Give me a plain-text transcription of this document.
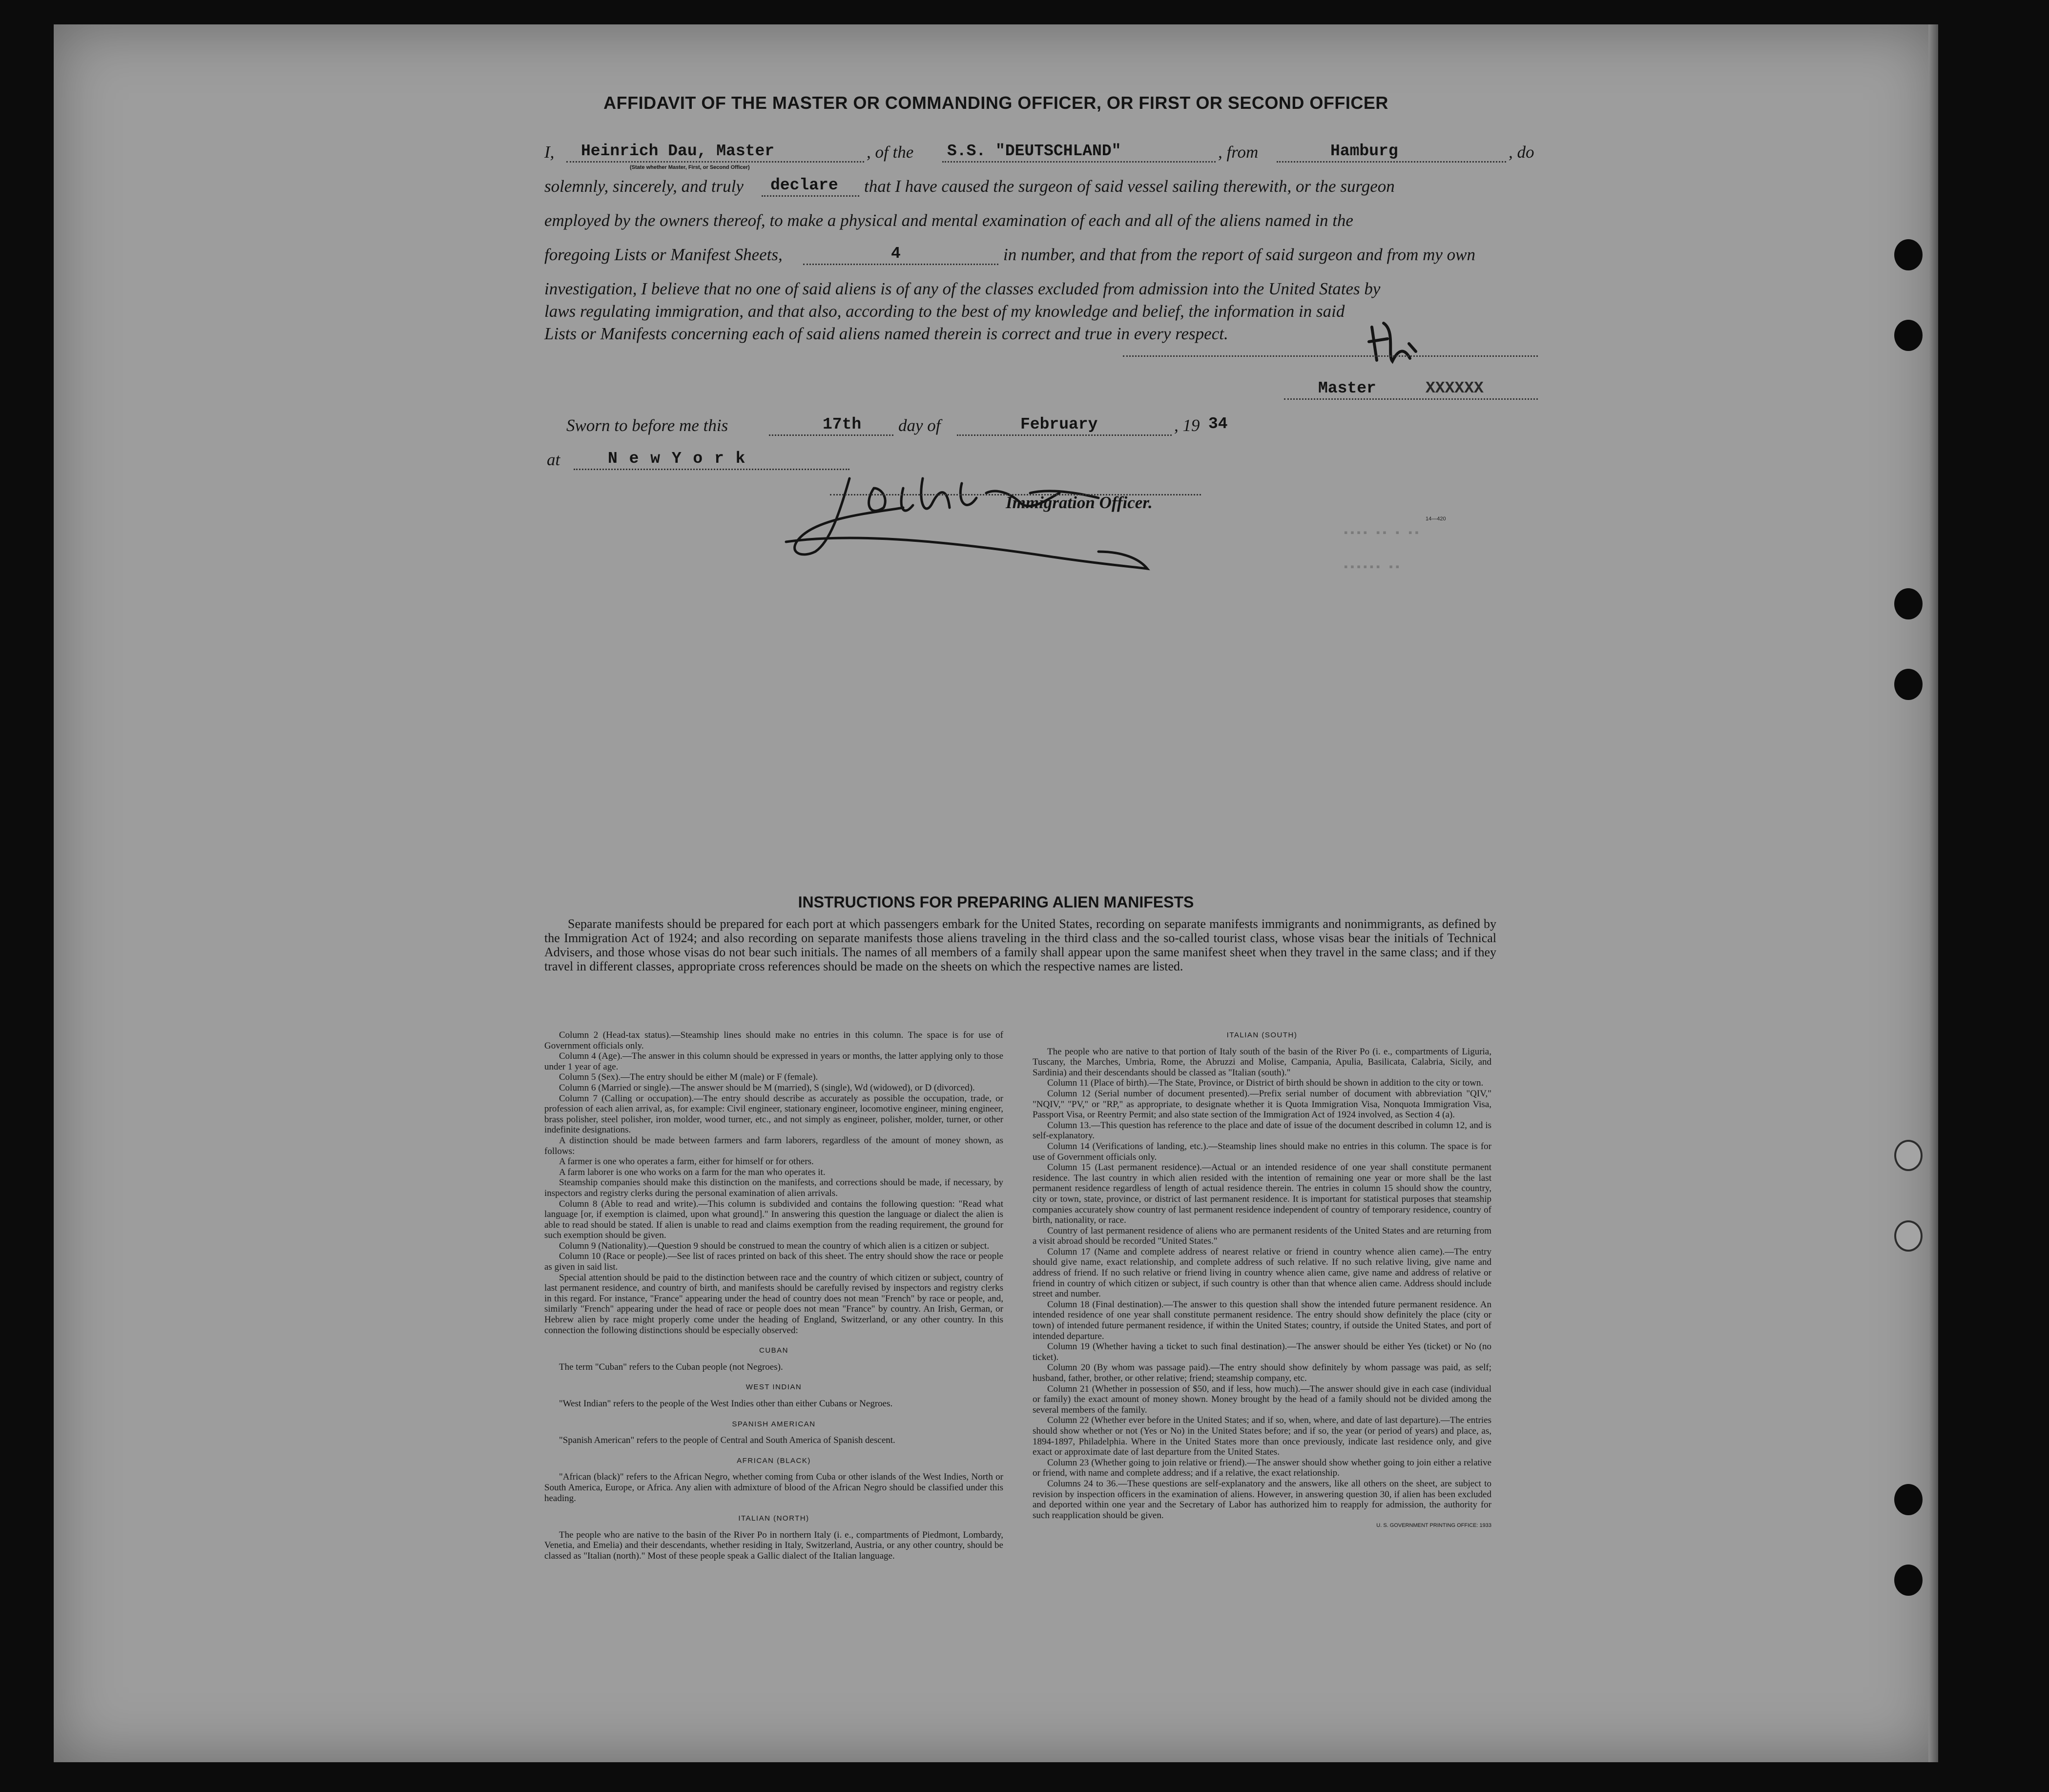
AFFIDAVIT OF THE MASTER OR COMMANDING OFFICER, OR FIRST OR SECOND OFFICER
I, Heinrich Dau, Master
(State whether Master, First, or Second Officer)
, of the S.S. "DEUTSCHLAND"	, from	Hamburg	, do
solemnly, sincerely, and truly declare that I have caused the surgeon of said vessel sailing therewith, or the surgeon
employed by the owners thereof, to make a physical and mental examination of each and all of the aliens named in the
foregoing Lists or Manifest Sheets,	4	in number, and that from the report of said surgeon and from my own
investigation, I believe that no one of said aliens is of any of the classes excluded from admission into the United States by
laws regulating immigration, and that also, according to the best of my knowledge and belief, the information in said
Lists or Manifests concerning each of said aliens named therein is correct and true in every respect.
Master	XXXXXX
Sworn to before me this	17th day of	February	, 19 34
at	N e w Y o r k
Immigration Officer.
14—420
▪▪▪▪ ▪▪ ▪ ▪▪
▪▪▪▪▪▪ ▪▪
INSTRUCTIONS FOR PREPARING ALIEN MANIFESTS
Separate manifests should be prepared for each port at which passengers embark for the United States, recording on separate manifests immigrants and nonimmigrants, as defined by the Immigration Act of 1924; and also recording on separate manifests those aliens traveling in the third class and the so-called tourist class, whose visas bear the initials of Technical Advisers, and those whose visas do not bear such initials. The names of all members of a family shall appear upon the same manifest sheet when they travel in the same class; and if they travel in different classes, appropriate cross references should be made on the sheets on which the respective names are listed.

Column 2 (Head-tax status).—Steamship lines should make no entries in this column. The space is for use of Government officials only.

Column 4 (Age).—The answer in this column should be expressed in years or months, the latter applying only to those under 1 year of age.

Column 5 (Sex).—The entry should be either M (male) or F (female).

Column 6 (Married or single).—The answer should be M (married), S (single), Wd (widowed), or D (divorced).

Column 7 (Calling or occupation).—The entry should describe as accurately as possible the occupation, trade, or profession of each alien arrival, as, for example: Civil engineer, stationary engineer, locomotive engineer, mining engineer, brass polisher, steel polisher, iron molder, wood turner, etc., and not simply as engineer, polisher, molder, turner, or other indefinite designations.

A distinction should be made between farmers and farm laborers, regardless of the amount of money shown, as follows:

A farmer is one who operates a farm, either for himself or for others.

A farm laborer is one who works on a farm for the man who operates it.

Steamship companies should make this distinction on the manifests, and corrections should be made, if necessary, by inspectors and registry clerks during the personal examination of alien arrivals.

Column 8 (Able to read and write).—This column is subdivided and contains the following question: "Read what language [or, if exemption is claimed, upon what ground]." In answering this question the language or dialect the alien is able to read should be stated. If alien is unable to read and claims exemption from the reading requirement, the ground for such exemption should be given.

Column 9 (Nationality).—Question 9 should be construed to mean the country of which alien is a citizen or subject.

Column 10 (Race or people).—See list of races printed on back of this sheet. The entry should show the race or people as given in said list.

Special attention should be paid to the distinction between race and the country of which citizen or subject, country of last permanent residence, and country of birth, and manifests should be carefully revised by inspectors and registry clerks in this regard. For instance, "France" appearing under the head of country does not mean "French" by race or people, and, similarly "French" appearing under the head of race or people does not mean "France" by country. An Irish, German, or Hebrew alien by race might properly come under the heading of England, Switzerland, or any other country. In this connection the following distinctions should be especially observed:

CUBAN

The term "Cuban" refers to the Cuban people (not Negroes).

WEST INDIAN

"West Indian" refers to the people of the West Indies other than either Cubans or Negroes.

SPANISH AMERICAN

"Spanish American" refers to the people of Central and South America of Spanish descent.

AFRICAN (BLACK)

"African (black)" refers to the African Negro, whether coming from Cuba or other islands of the West Indies, North or South America, Europe, or Africa. Any alien with admixture of blood of the African Negro should be classified under this heading.

ITALIAN (NORTH)

The people who are native to the basin of the River Po in northern Italy (i. e., compartments of Piedmont, Lombardy, Venetia, and Emelia) and their descendants, whether residing in Italy, Switzerland, Austria, or any other country, should be classed as "Italian (north)." Most of these people speak a Gallic dialect of the Italian language.

ITALIAN (SOUTH)

The people who are native to that portion of Italy south of the basin of the River Po (i. e., compartments of Liguria, Tuscany, the Marches, Umbria, Rome, the Abruzzi and Molise, Campania, Apulia, Basilicata, Calabria, Sicily, and Sardinia) and their descendants should be classed as "Italian (south)."

Column 11 (Place of birth).—The State, Province, or District of birth should be shown in addition to the city or town.

Column 12 (Serial number of document presented).—Prefix serial number of document with abbreviation "QIV," "NQIV," "PV," or "RP," as appropriate, to designate whether it is Quota Immigration Visa, Nonquota Immigration Visa, Passport Visa, or Reentry Permit; and also state section of the Immigration Act of 1924 involved, as Section 4 (a).

Column 13.—This question has reference to the place and date of issue of the document described in column 12, and is self-explanatory.

Column 14 (Verifications of landing, etc.).—Steamship lines should make no entries in this column. The space is for use of Government officials only.

Column 15 (Last permanent residence).—Actual or an intended residence of one year shall constitute permanent residence. The last country in which alien resided with the intention of remaining one year or more shall be the last permanent residence regardless of length of actual residence therein. The entries in column 15 should show the country, city or town, state, province, or district of last permanent residence. It is important for statistical purposes that steamship companies accurately show country of last permanent residence independent of country of temporary residence, country of birth, nationality, or race.

Country of last permanent residence of aliens who are permanent residents of the United States and are returning from a visit abroad should be recorded "United States."

Column 17 (Name and complete address of nearest relative or friend in country whence alien came).—The entry should give name, exact relationship, and complete address of such relative. If no such relative living, give name and address of friend. If no such relative or friend living in country whence alien came, give name and address of relative or friend in country of which citizen or subject, if such country is other than that whence alien came. Address should include street and number.

Column 18 (Final destination).—The answer to this question shall show the intended future permanent residence. An intended residence of one year shall constitute permanent residence. The entry should show definitely the place (city or town) of intended future permanent residence, if within the United States; country, if outside the United States, and port of intended departure.

Column 19 (Whether having a ticket to such final destination).—The answer should be either Yes (ticket) or No (no ticket).

Column 20 (By whom was passage paid).—The entry should show definitely by whom passage was paid, as self; husband, father, brother, or other relative; friend; steamship company, etc.

Column 21 (Whether in possession of $50, and if less, how much).—The answer should give in each case (individual or family) the exact amount of money shown. Money brought by the head of a family should not be divided among the several members of the family.

Column 22 (Whether ever before in the United States; and if so, when, where, and date of last departure).—The entries should show whether or not (Yes or No) in the United States before; and if so, the year (or period of years) and place, as, 1894-1897, Philadelphia. Where in the United States more than once previously, indicate last residence only, and give exact or approximate date of last departure from the United States.

Column 23 (Whether going to join relative or friend).—The answer should show whether going to join either a relative or friend, with name and complete address; and if a relative, the exact relationship.

Columns 24 to 36.—These questions are self-explanatory and the answers, like all others on the sheet, are subject to revision by inspection officers in the examination of aliens. However, in answering question 30, if alien has been excluded and deported within one year and the Secretary of Labor has authorized him to reapply for admission, the authority for such reapplication should be given.

U. S. GOVERNMENT PRINTING OFFICE: 1933
